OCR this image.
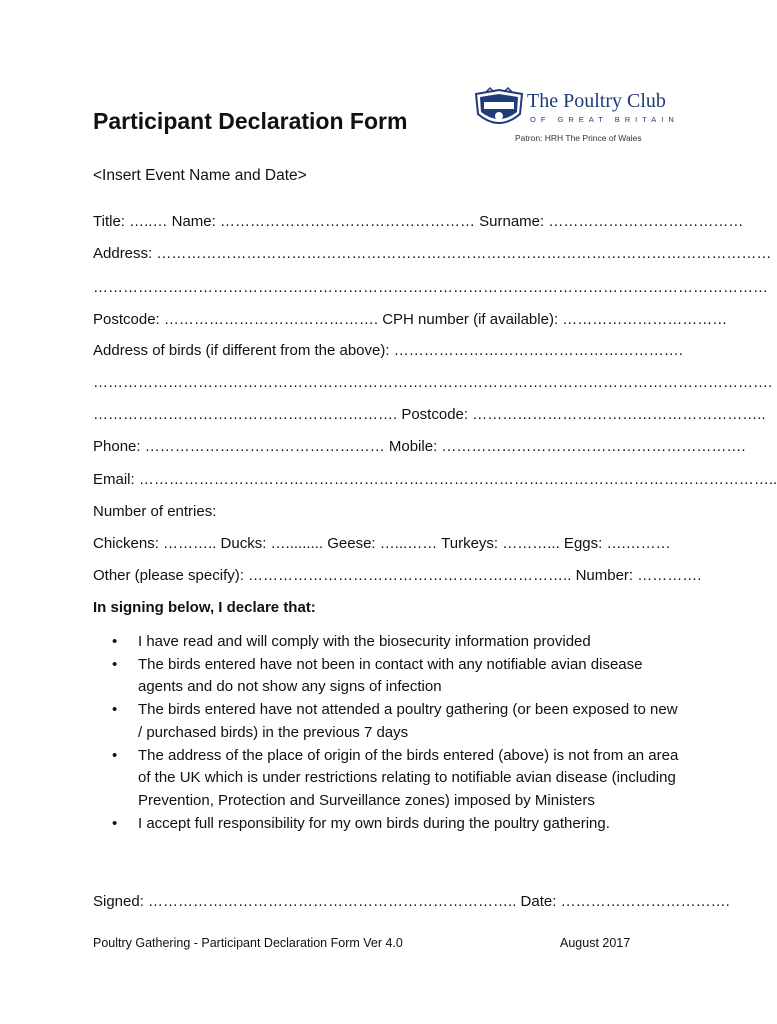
Participant Declaration Form
The Poultry Club
OF GREAT BRITAIN
Patron: HRH The Prince of Wales
<Insert Event Name and Date>
Title: …..… Name: …………………………………………… Surname: …………………………………
Address: ……………………………………………………………………………………………………………
………………………………………………………………………………………………………………………
Postcode: ……………………………………. CPH number (if available): ……………………………
Address of birds (if different from the above): ………………………………………………….
……………………………………………………………………………………………………………………….
……………………………………………………. Postcode: …………………………………………………..
Phone: ………………………………………… Mobile: …………………………………………………….
Email: ………………………………………………………………………………………………………………..
Number of entries:
Chickens: ……….. Ducks: …......... Geese: …...…… Turkeys: ………... Eggs: ….………
Other (please specify): ……………………………………………………….. Number: ………….
In signing below, I declare that:
• I have read and will comply with the biosecurity information provided
• The birds entered have not been in contact with any notifiable avian disease agents and do not show any signs of infection
• The birds entered have not attended a poultry gathering (or been exposed to new / purchased birds) in the previous 7 days
• The address of the place of origin of the birds entered (above) is not from an area of the UK which is under restrictions relating to notifiable avian disease (including Prevention, Protection and Surveillance zones) imposed by Ministers
• I accept full responsibility for my own birds during the poultry gathering.
Signed: ……………………………………………………………….. Date: …………………………….
Poultry Gathering - Participant Declaration Form Ver 4.0	August 2017
